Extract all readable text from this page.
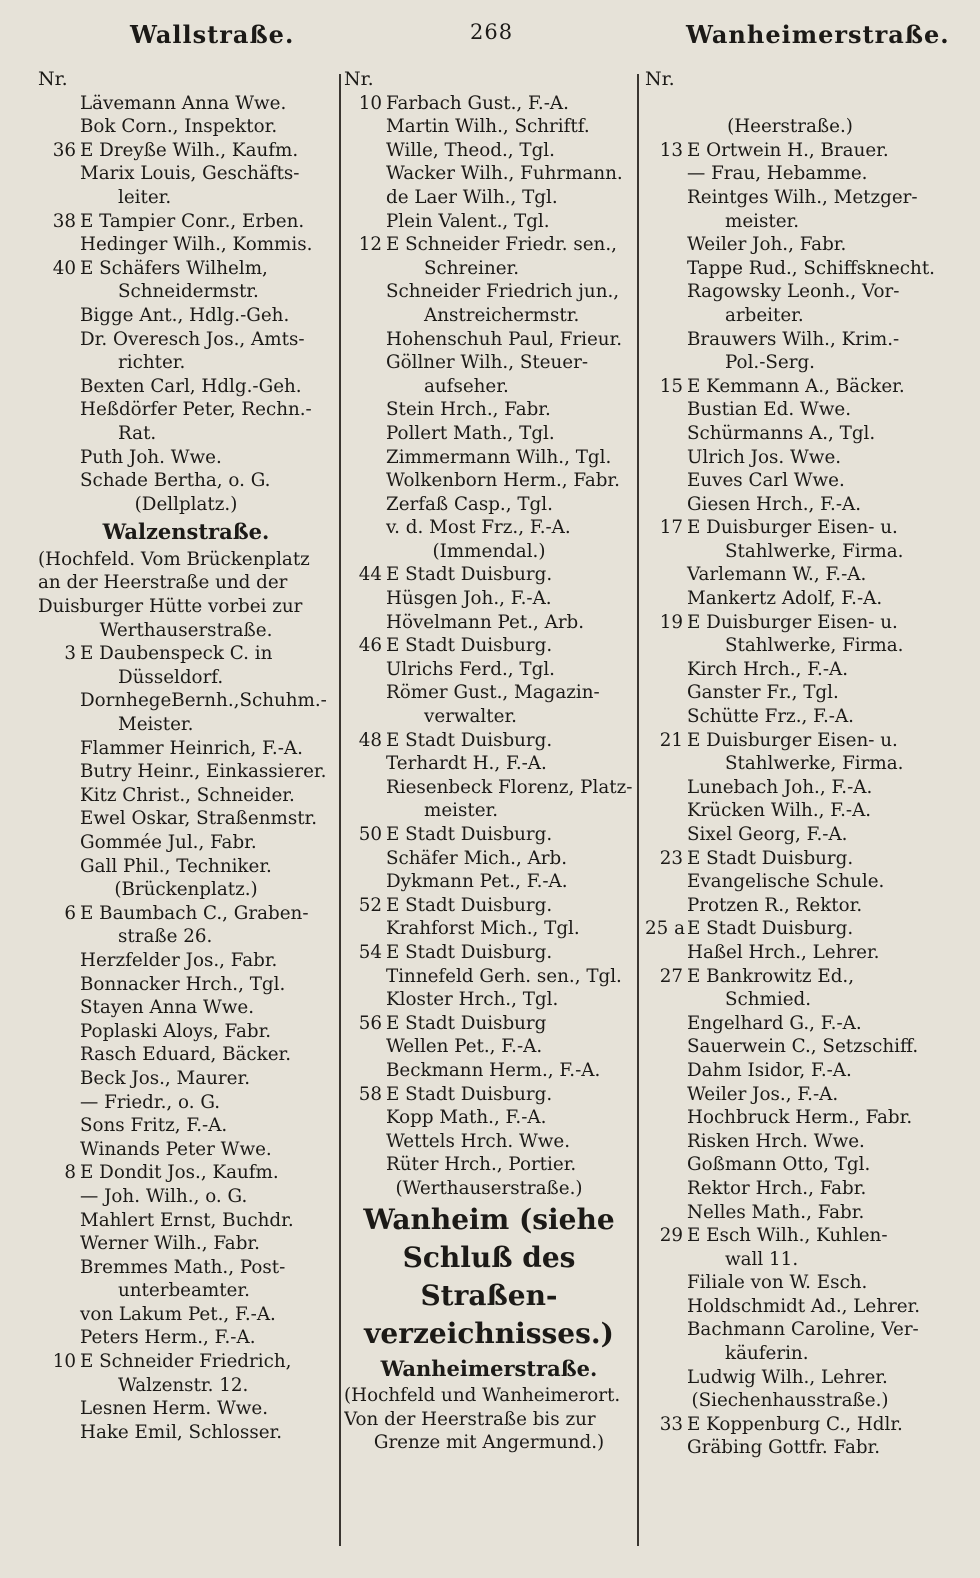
Wallstraße.	268	Wanheimerstraße.
Nr.
Lävemann Anna Wwe.
Bok Corn., Inspektor.
36 E Dreyße Wilh., Kaufm.
Marix Louis, Geschäfts-
leiter.
38 E Tampier Conr., Erben.
Hedinger Wilh., Kommis.
40 E Schäfers Wilhelm,
Schneidermstr.
Bigge Ant., Hdlg.-Geh.
Dr. Overesch Jos., Amts-
richter.
Bexten Carl, Hdlg.-Geh.
Heßdörfer Peter, Rechn.-
Rat.
Puth Joh. Wwe.
Schade Bertha, o. G.
(Dellplatz.)
Walzenstraße.
(Hochfeld. Vom Brückenplatz
an der Heerstraße und der
Duisburger Hütte vorbei zur
Werthauserstraße.
3 E Daubenspeck C. in
Düsseldorf.
DornhegeBernh.,Schuhm.-
Meister.
Flammer Heinrich, F.-A.
Butry Heinr., Einkassierer.
Kitz Christ., Schneider.
Ewel Oskar, Straßenmstr.
Gommée Jul., Fabr.
Gall Phil., Techniker.
(Brückenplatz.)
6 E Baumbach C., Graben-
straße 26.
Herzfelder Jos., Fabr.
Bonnacker Hrch., Tgl.
Stayen Anna Wwe.
Poplaski Aloys, Fabr.
Rasch Eduard, Bäcker.
Beck Jos., Maurer.
— Friedr., o. G.
Sons Fritz, F.-A.
Winands Peter Wwe.
8 E Dondit Jos., Kaufm.
— Joh. Wilh., o. G.
Mahlert Ernst, Buchdr.
Werner Wilh., Fabr.
Bremmes Math., Post-
unterbeamter.
von Lakum Pet., F.-A.
Peters Herm., F.-A.
10 E Schneider Friedrich,
Walzenstr. 12.
Lesnen Herm. Wwe.
Hake Emil, Schlosser.
Nr.
10 Farbach Gust., F.-A.
Martin Wilh., Schriftf.
Wille, Theod., Tgl.
Wacker Wilh., Fuhrmann.
de Laer Wilh., Tgl.
Plein Valent., Tgl.
12 E Schneider Friedr. sen.,
Schreiner.
Schneider Friedrich jun.,
Anstreichermstr.
Hohenschuh Paul, Frieur.
Göllner Wilh., Steuer-
aufseher.
Stein Hrch., Fabr.
Pollert Math., Tgl.
Zimmermann Wilh., Tgl.
Wolkenborn Herm., Fabr.
Zerfaß Casp., Tgl.
v. d. Most Frz., F.-A.
(Immendal.)
44 E Stadt Duisburg.
Hüsgen Joh., F.-A.
Hövelmann Pet., Arb.
46 E Stadt Duisburg.
Ulrichs Ferd., Tgl.
Römer Gust., Magazin-
verwalter.
48 E Stadt Duisburg.
Terhardt H., F.-A.
Riesenbeck Florenz, Platz-
meister.
50 E Stadt Duisburg.
Schäfer Mich., Arb.
Dykmann Pet., F.-A.
52 E Stadt Duisburg.
Krahforst Mich., Tgl.
54 E Stadt Duisburg.
Tinnefeld Gerh. sen., Tgl.
Kloster Hrch., Tgl.
56 E Stadt Duisburg
Wellen Pet., F.-A.
Beckmann Herm., F.-A.
58 E Stadt Duisburg.
Kopp Math., F.-A.
Wettels Hrch. Wwe.
Rüter Hrch., Portier.
(Werthauserstraße.)
Wanheim (siehe
Schluß des
Straßen-
verzeichnisses.)
Wanheimerstraße.
(Hochfeld und Wanheimerort.
Von der Heerstraße bis zur
Grenze mit Angermund.)
Nr.

(Heerstraße.)
13 E Ortwein H., Brauer.
— Frau, Hebamme.
Reintges Wilh., Metzger-
meister.
Weiler Joh., Fabr.
Tappe Rud., Schiffsknecht.
Ragowsky Leonh., Vor-
arbeiter.
Brauwers Wilh., Krim.-
Pol.-Serg.
15 E Kemmann A., Bäcker.
Bustian Ed. Wwe.
Schürmanns A., Tgl.
Ulrich Jos. Wwe.
Euves Carl Wwe.
Giesen Hrch., F.-A.
17 E Duisburger Eisen- u.
Stahlwerke, Firma.
Varlemann W., F.-A.
Mankertz Adolf, F.-A.
19 E Duisburger Eisen- u.
Stahlwerke, Firma.
Kirch Hrch., F.-A.
Ganster Fr., Tgl.
Schütte Frz., F.-A.
21 E Duisburger Eisen- u.
Stahlwerke, Firma.
Lunebach Joh., F.-A.
Krücken Wilh., F.-A.
Sixel Georg, F.-A.
23 E Stadt Duisburg.
Evangelische Schule.
Protzen R., Rektor.
25 a E Stadt Duisburg.
Haßel Hrch., Lehrer.
27 E Bankrowitz Ed.,
Schmied.
Engelhard G., F.-A.
Sauerwein C., Setzschiff.
Dahm Isidor, F.-A.
Weiler Jos., F.-A.
Hochbruck Herm., Fabr.
Risken Hrch. Wwe.
Goßmann Otto, Tgl.
Rektor Hrch., Fabr.
Nelles Math., Fabr.
29 E Esch Wilh., Kuhlen-
wall 11.
Filiale von W. Esch.
Holdschmidt Ad., Lehrer.
Bachmann Caroline, Ver-
käuferin.
Ludwig Wilh., Lehrer.
(Siechenhausstraße.)
33 E Koppenburg C., Hdlr.
Gräbing Gottfr. Fabr.
